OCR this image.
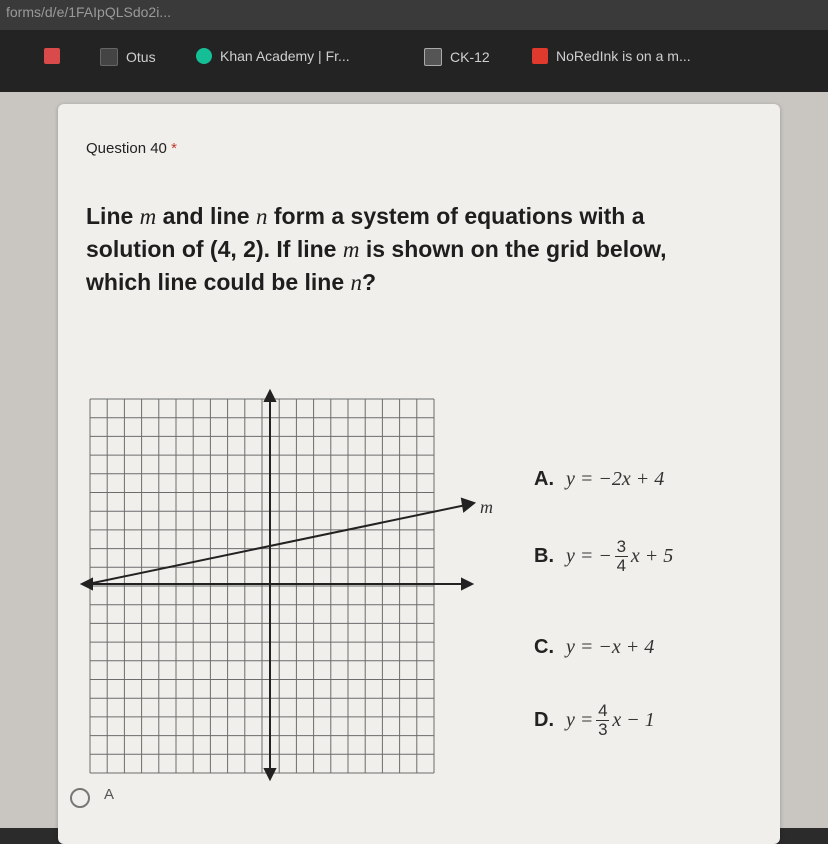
forms/d/e/1FAIpQLSdo2i...
Otus	Khan Academy | Fr...	CK-12	NoRedInk is on a m...
Question 40 *
Line m and line n form a system of equations with a solution of (4, 2). If line m is shown on the grid below, which line could be line n?
m
A. y = −2x + 4
B. y = − $\frac{3}{4}$ x + 5
C. y = −x + 4
D. $y = \frac{4}{3}$ x − 1
A
